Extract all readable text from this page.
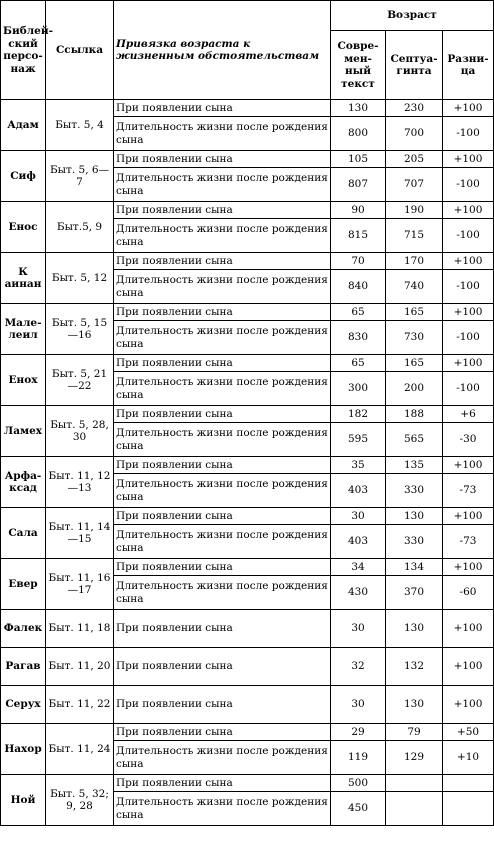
Библей-ский персо-наж	Ссылка	Привязка возраста к жизненным обстоятельствам	Возраст		
			Совре-мен-ный текст	Септуа-гинта	Разни-ца
Адам	Быт. 5, 4	При появлении сына	130	230	+100
		Длительность жизни после рождения сына	800	700	-100
Сиф	Быт. 5, 6—7	При появлении сына	105	205	+100
		Длительность жизни после рождения сына	807	707	-100
Енос	Быт.5, 9	При появлении сына	90	190	+100
		Длительность жизни после рождения сына	815	715	-100
К аинан	Быт. 5, 12	При появлении сына	70	170	+100
		Длительность жизни после рождения сына	840	740	-100
Мале-леил	Быт. 5, 15—16	При появлении сына	65	165	+100
		Длительность жизни после рождения сына	830	730	-100
Енох	Быт. 5, 21—22	При появлении сына	65	165	+100
		Длительность жизни после рождения сына	300	200	-100
Ламех	Быт. 5, 28, 30	При появлении сына	182	188	+6
		Длительность жизни после рождения сына	595	565	-30
Арфа-ксад	Быт. 11, 12—13	При появлении сына	35	135	+100
		Длительность жизни после рождения сына	403	330	-73
Сала	Быт. 11, 14—15	При появлении сына	30	130	+100
		Длительность жизни после рождения сына	403	330	-73
Евер	Быт. 11, 16—17	При появлении сына	34	134	+100
		Длительность жизни после рождения сына	430	370	-60
Фалек	Быт. 11, 18	При появлении сына	30	130	+100
Рагав	Быт. 11, 20	При появлении сына	32	132	+100
Серух	Быт. 11, 22	При появлении сына	30	130	+100
Нахор	Быт. 11, 24	При появлении сына	29	79	+50
		Длительность жизни после рождения сына	119	129	+10
Ной	Быт. 5, 32; 9, 28	При появлении сына	500		
		Длительность жизни после рождения сына	450		
